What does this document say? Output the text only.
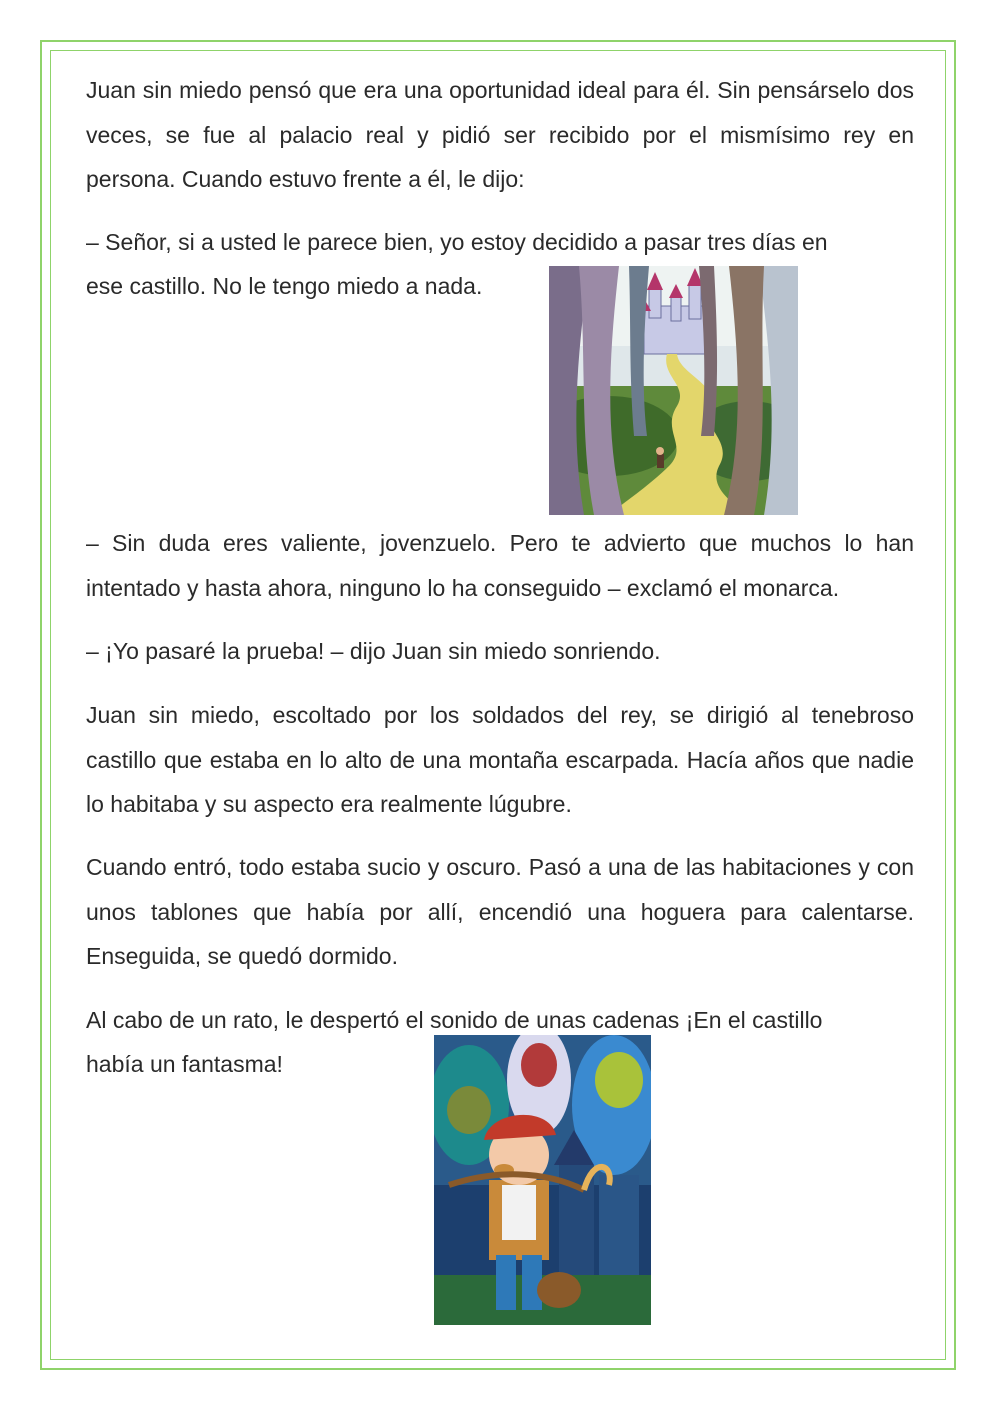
Juan sin miedo pensó que era una oportunidad ideal para él. Sin pensárselo dos veces, se fue al palacio real y pidió ser recibido por el mismísimo rey en persona. Cuando estuvo frente a él, le dijo:

– Señor, si a usted le parece bien, yo estoy decidido a pasar tres días en

ese castillo. No le tengo miedo a nada.

– Sin duda eres valiente, jovenzuelo. Pero te advierto que muchos lo han intentado y hasta ahora, ninguno lo ha conseguido – exclamó el monarca.

– ¡Yo pasaré la prueba! – dijo Juan sin miedo sonriendo.

Juan sin miedo, escoltado por los soldados del rey, se dirigió al tenebroso castillo que estaba en lo alto de una montaña escarpada. Hacía años que nadie lo habitaba y su aspecto era realmente lúgubre.

Cuando entró, todo estaba sucio y oscuro. Pasó a una de las habitaciones y con unos tablones que había por allí, encendió una hoguera para calentarse. Enseguida, se quedó dormido.

Al cabo de un rato, le despertó el sonido de unas cadenas ¡En el castillo

había un fantasma!
